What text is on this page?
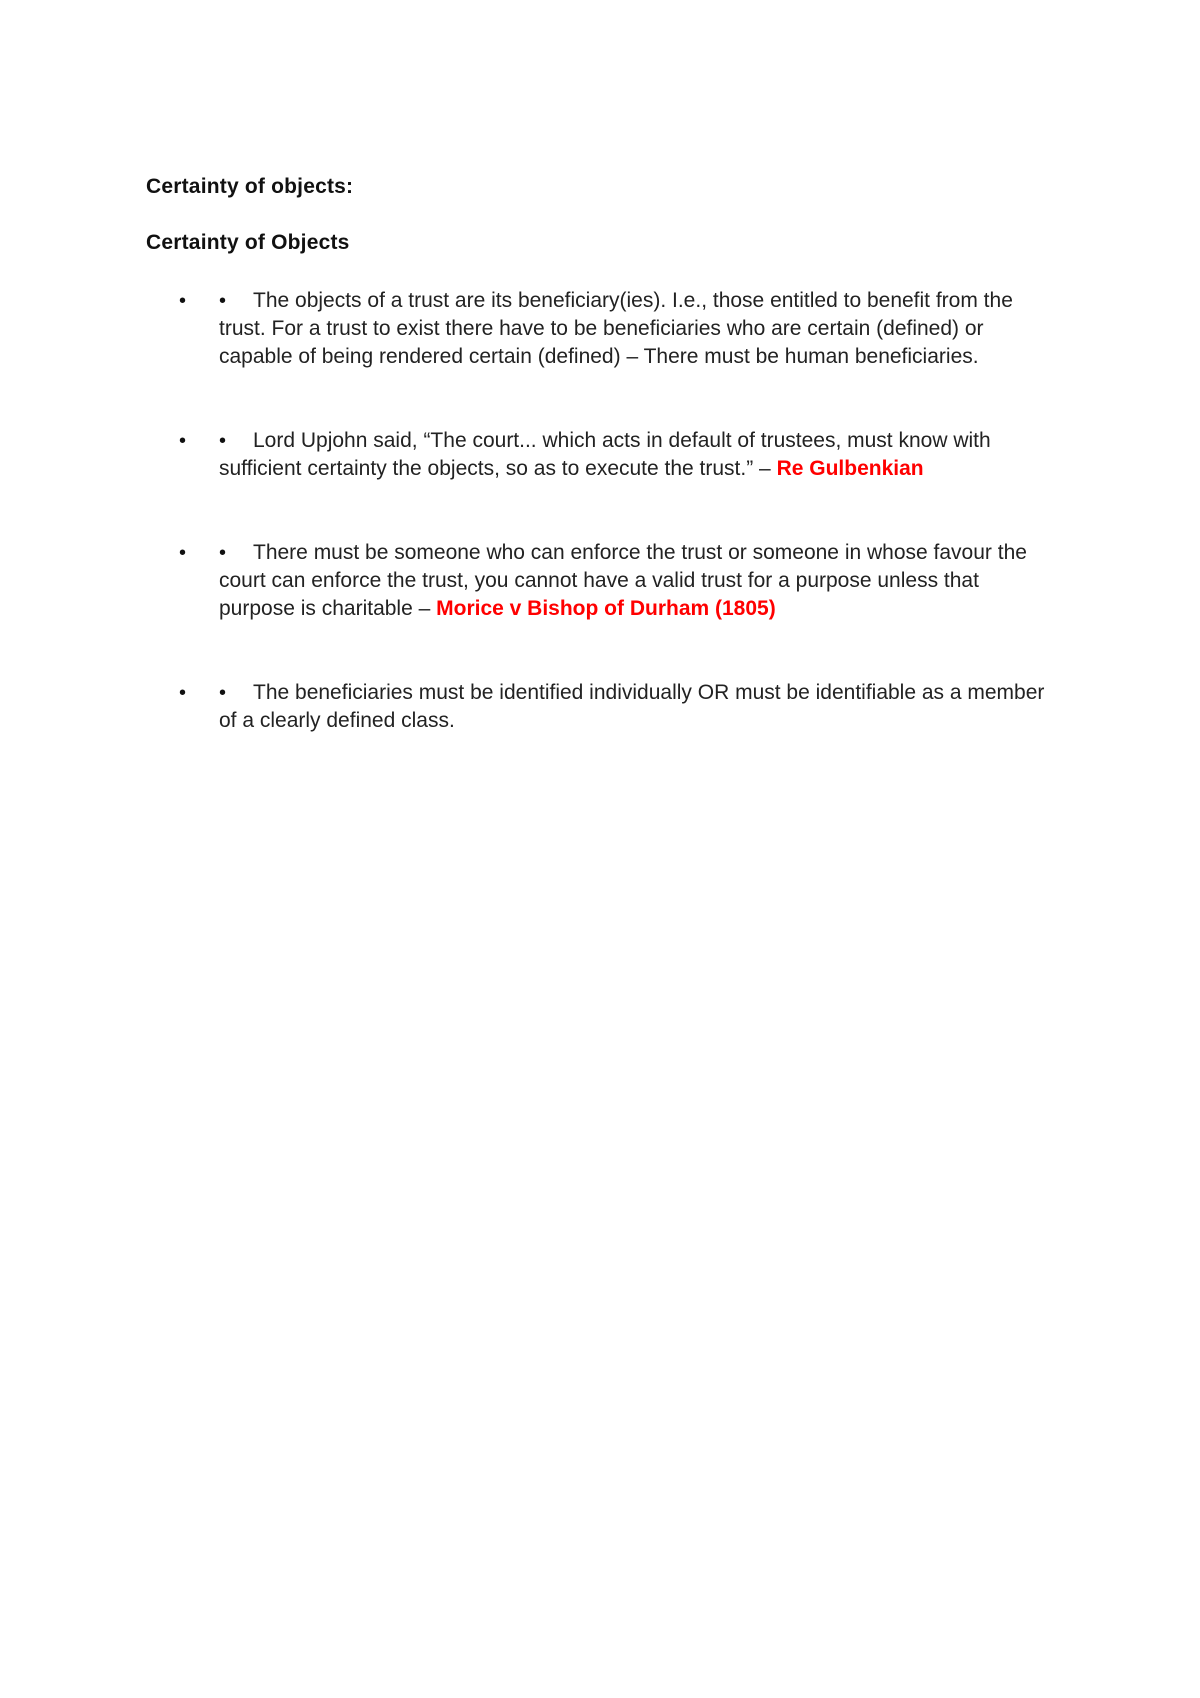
Certainty of objects:
Certainty of Objects
• • The objects of a trust are its beneficiary(ies). I.e., those entitled to benefit from the trust. For a trust to exist there have to be beneficiaries who are certain (defined) or capable of being rendered certain (defined) – There must be human beneficiaries.
• • Lord Upjohn said, “The court... which acts in default of trustees, must know with sufficient certainty the objects, so as to execute the trust.” – Re Gulbenkian
• • There must be someone who can enforce the trust or someone in whose favour the court can enforce the trust, you cannot have a valid trust for a purpose unless that purpose is charitable – Morice v Bishop of Durham (1805)
• • The beneficiaries must be identified individually OR must be identifiable as a member of a clearly defined class.
